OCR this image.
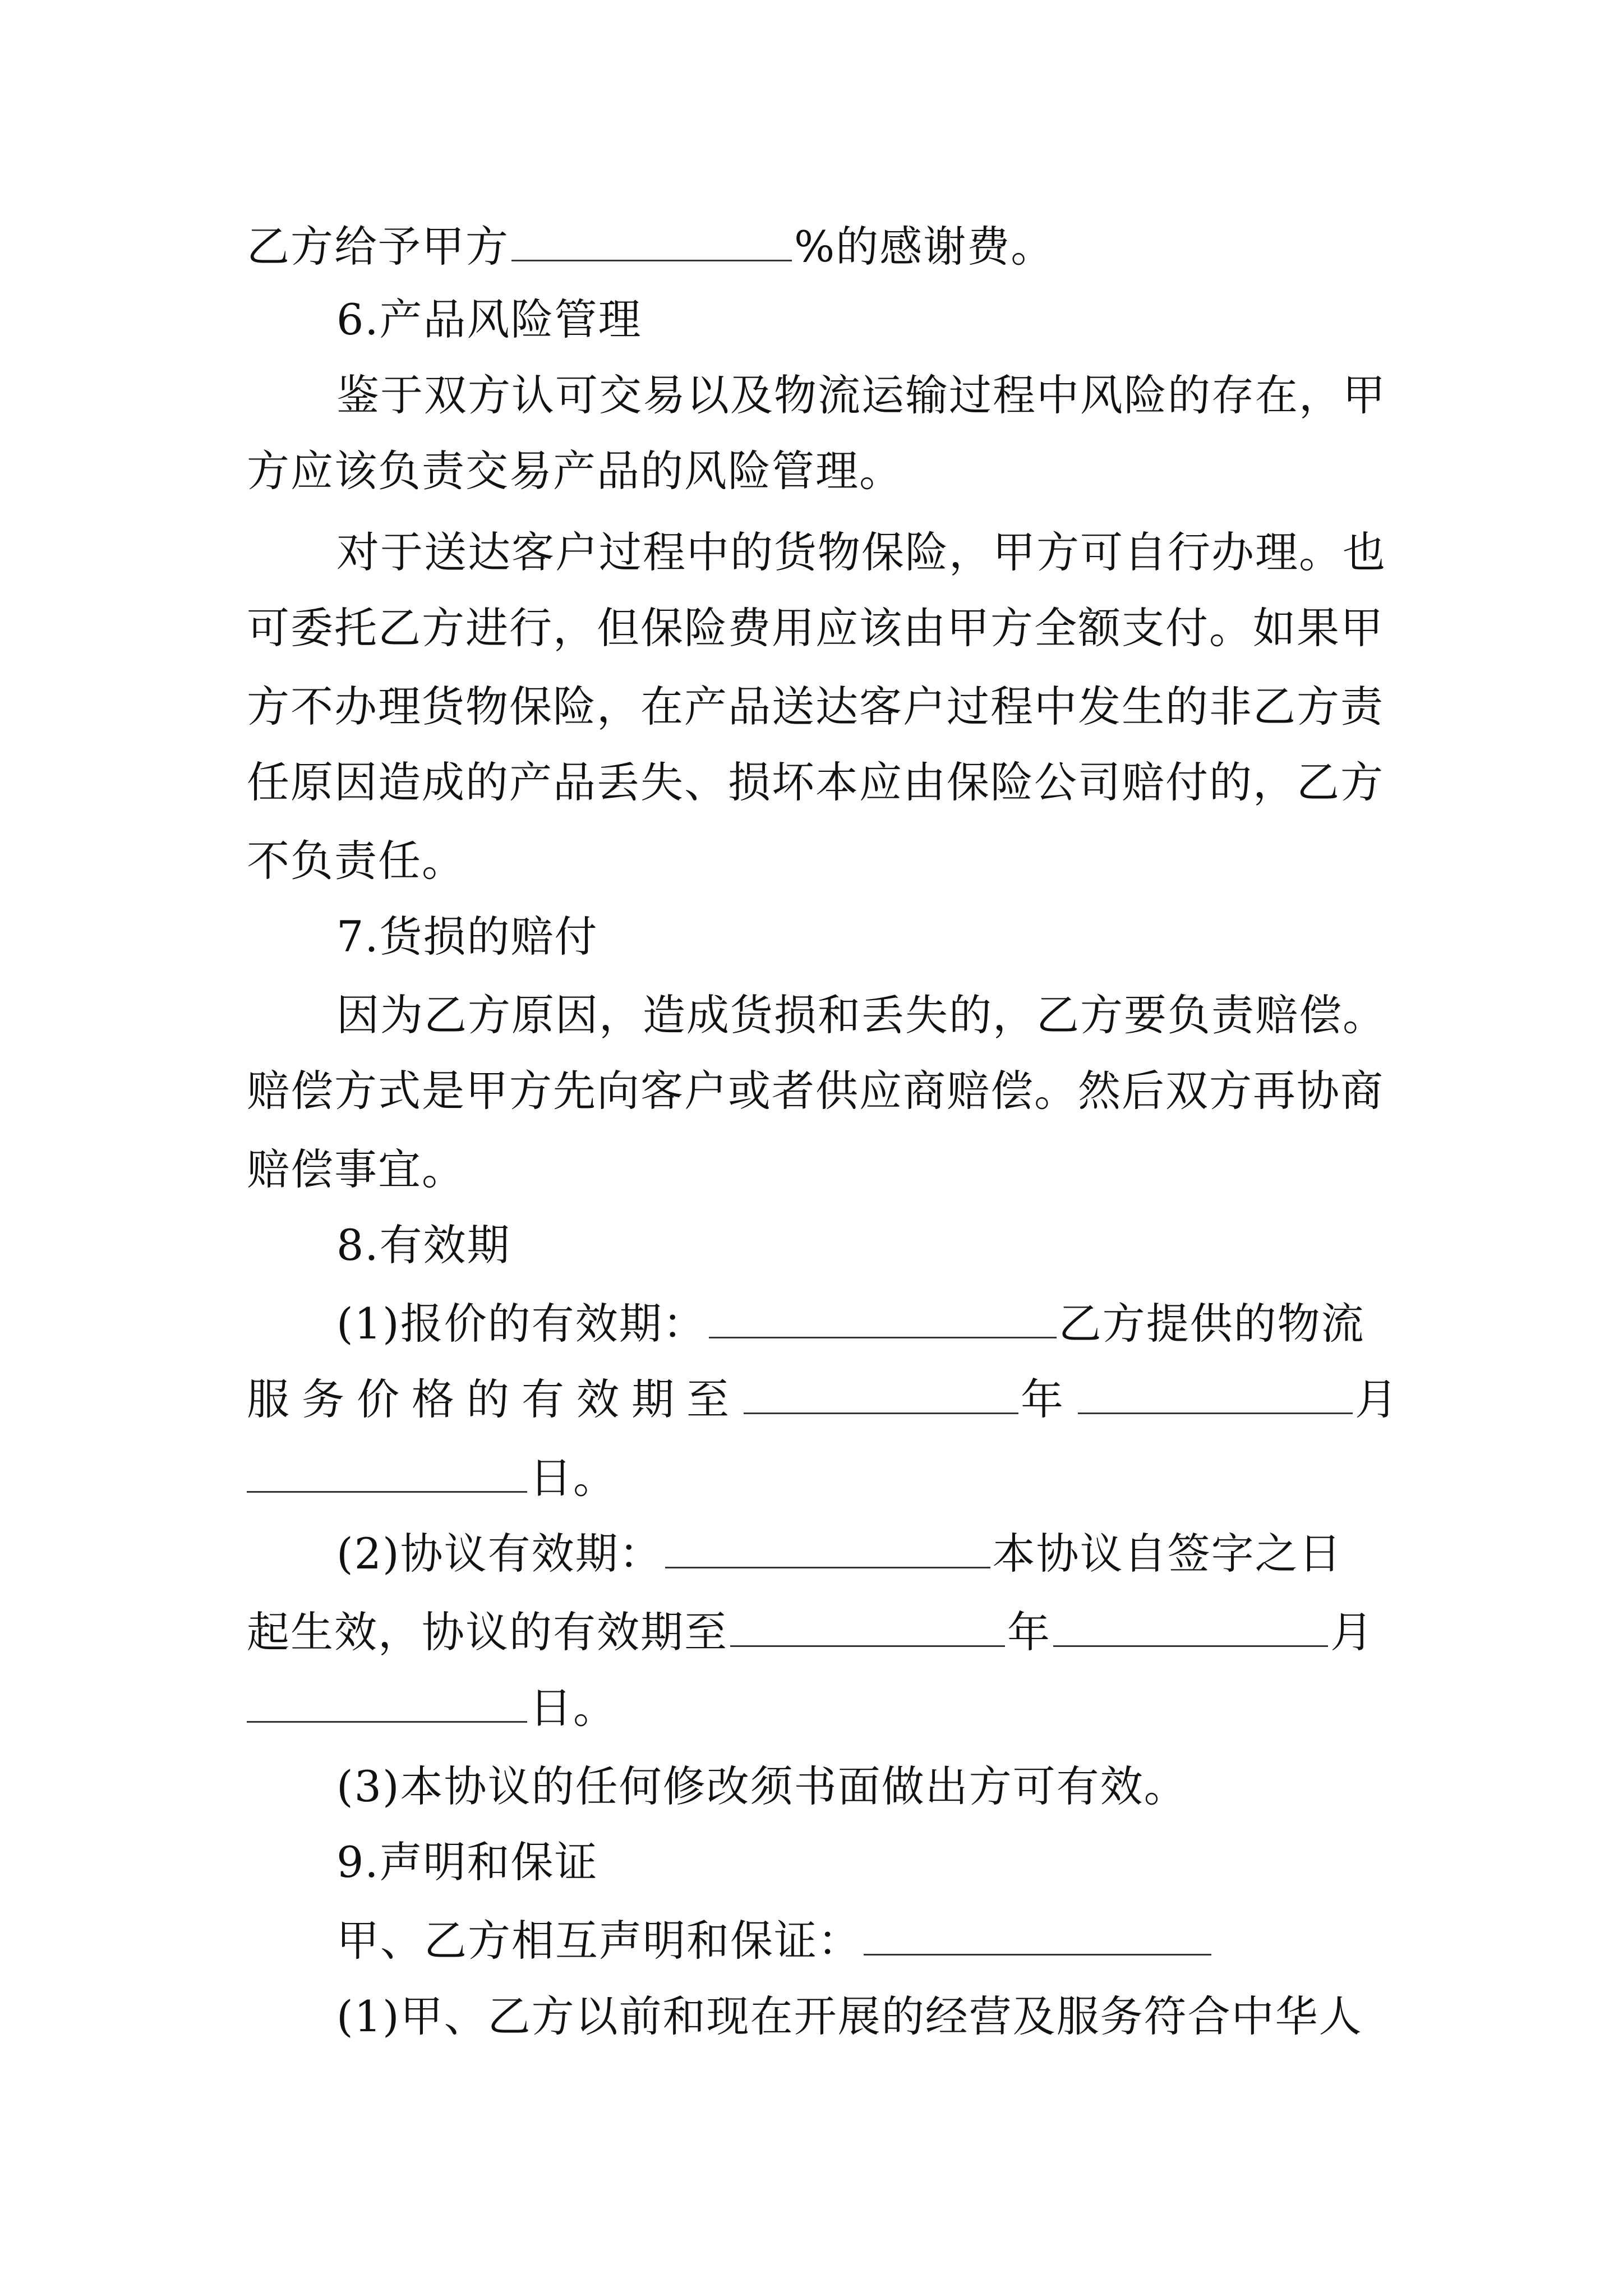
乙方给予甲方	%的感谢费。
6.产品风险管理
鉴于双方认可交易以及物流运输过程中风险的存在，甲
方应该负责交易产品的风险管理。
对于送达客户过程中的货物保险，甲方可自行办理。也
可委托乙方进行，但保险费用应该由甲方全额支付。如果甲
方不办理货物保险，在产品送达客户过程中发生的非乙方责
任原因造成的产品丢失、损坏本应由保险公司赔付的，乙方
不负责任。
7.货损的赔付
因为乙方原因，造成货损和丢失的，乙方要负责赔偿。
赔偿方式是甲方先向客户或者供应商赔偿。然后双方再协商
赔偿事宜。
8.有效期
(1)报价的有效期：	乙方提供的物流
服务价格的有效期至	年	月
日。
(2)协议有效期：	本协议自签字之日
起生效，协议的有效期至	年	月
日。
(3)本协议的任何修改须书面做出方可有效。
9.声明和保证
甲、乙方相互声明和保证：
(1)甲、乙方以前和现在开展的经营及服务符合中华人
